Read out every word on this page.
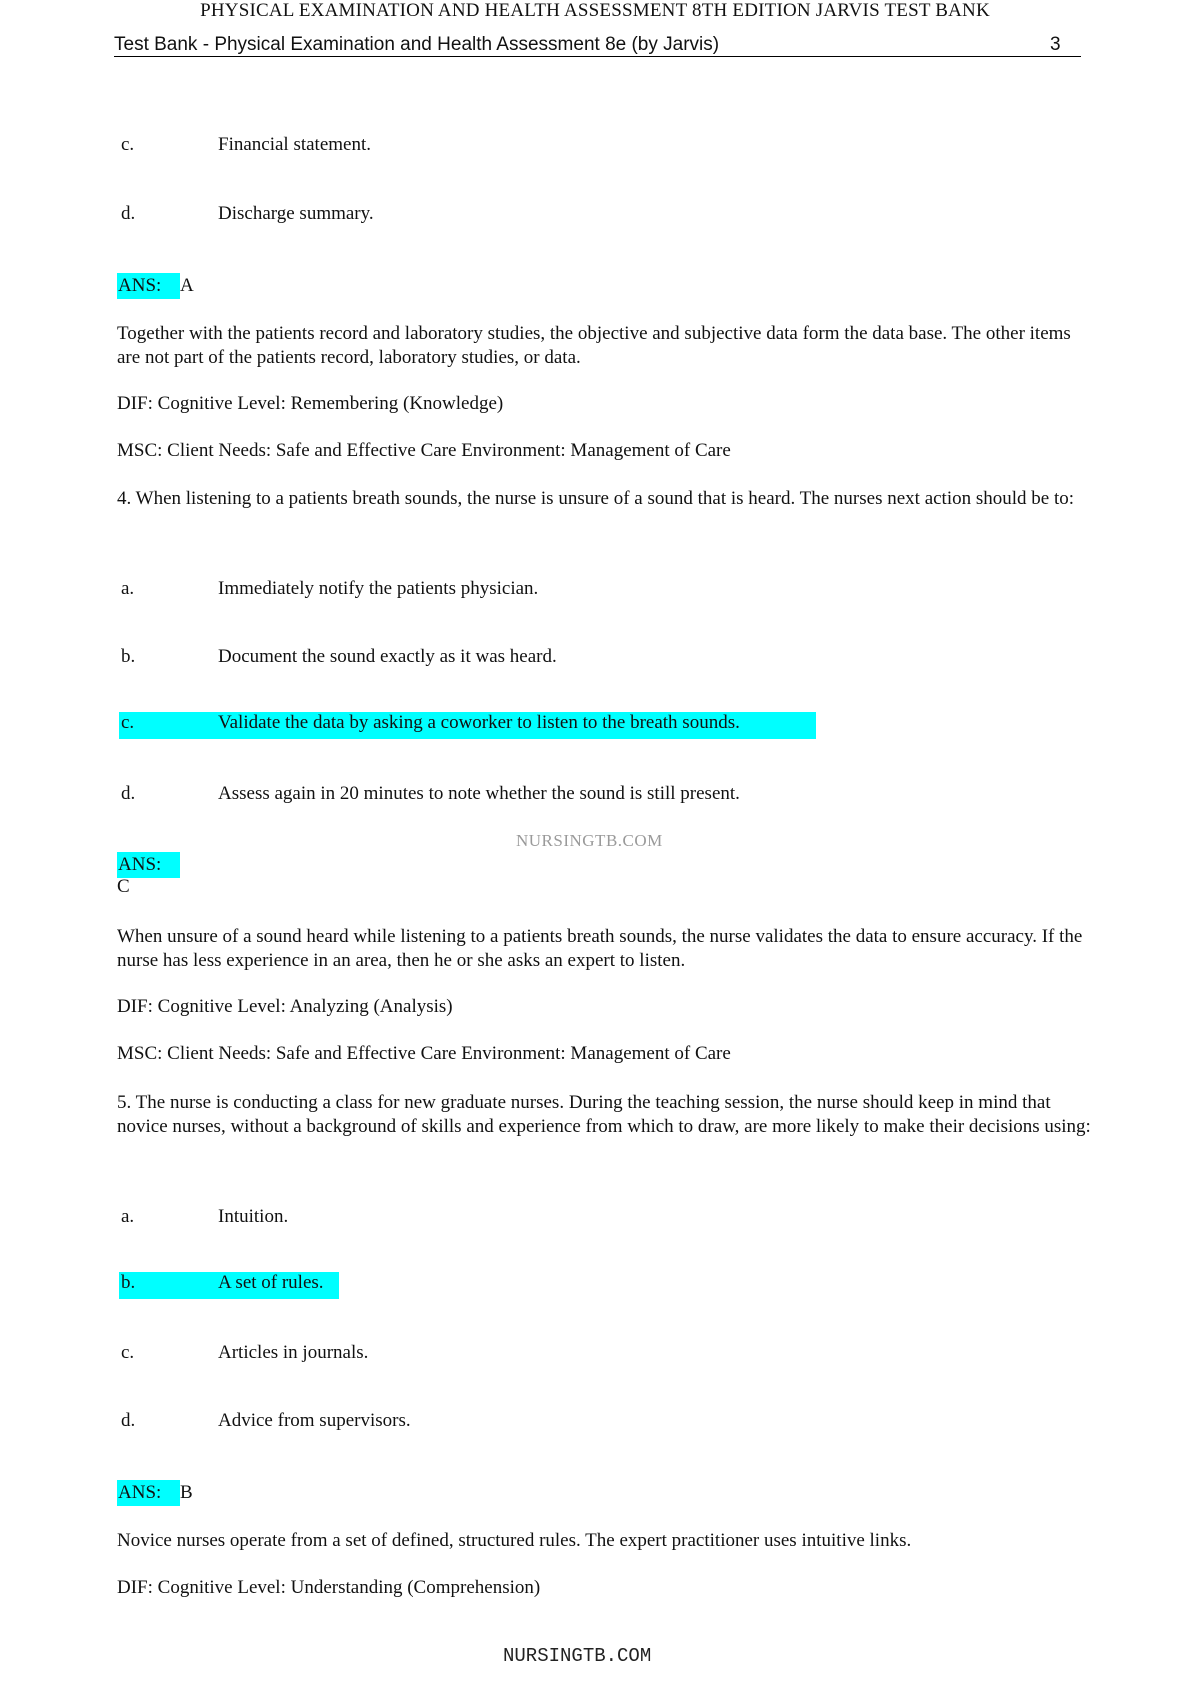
PHYSICAL EXAMINATION AND HEALTH ASSESSMENT 8TH EDITION JARVIS TEST BANK
Test Bank - Physical Examination and Health Assessment 8e (by Jarvis)	3
c.	Financial statement.
d.	Discharge summary.
ANS: A
Together with the patients record and laboratory studies, the objective and subjective data form the data base. The other items are not part of the patients record, laboratory studies, or data.
DIF: Cognitive Level: Remembering (Knowledge)
MSC: Client Needs: Safe and Effective Care Environment: Management of Care
4. When listening to a patients breath sounds, the nurse is unsure of a sound that is heard. The nurses next action should be to:
a.	Immediately notify the patients physician.
b.	Document the sound exactly as it was heard.
c.	Validate the data by asking a coworker to listen to the breath sounds.
d.	Assess again in 20 minutes to note whether the sound is still present.
NURSINGTB.COM
ANS:
C
When unsure of a sound heard while listening to a patients breath sounds, the nurse validates the data to ensure accuracy. If the nurse has less experience in an area, then he or she asks an expert to listen.
DIF: Cognitive Level: Analyzing (Analysis)
MSC: Client Needs: Safe and Effective Care Environment: Management of Care
5. The nurse is conducting a class for new graduate nurses. During the teaching session, the nurse should keep in mind that novice nurses, without a background of skills and experience from which to draw, are more likely to make their decisions using:
a.	Intuition.
b.	A set of rules.
c.	Articles in journals.
d.	Advice from supervisors.
ANS: B
Novice nurses operate from a set of defined, structured rules. The expert practitioner uses intuitive links.
DIF: Cognitive Level: Understanding (Comprehension)
NURSINGTB.COM
